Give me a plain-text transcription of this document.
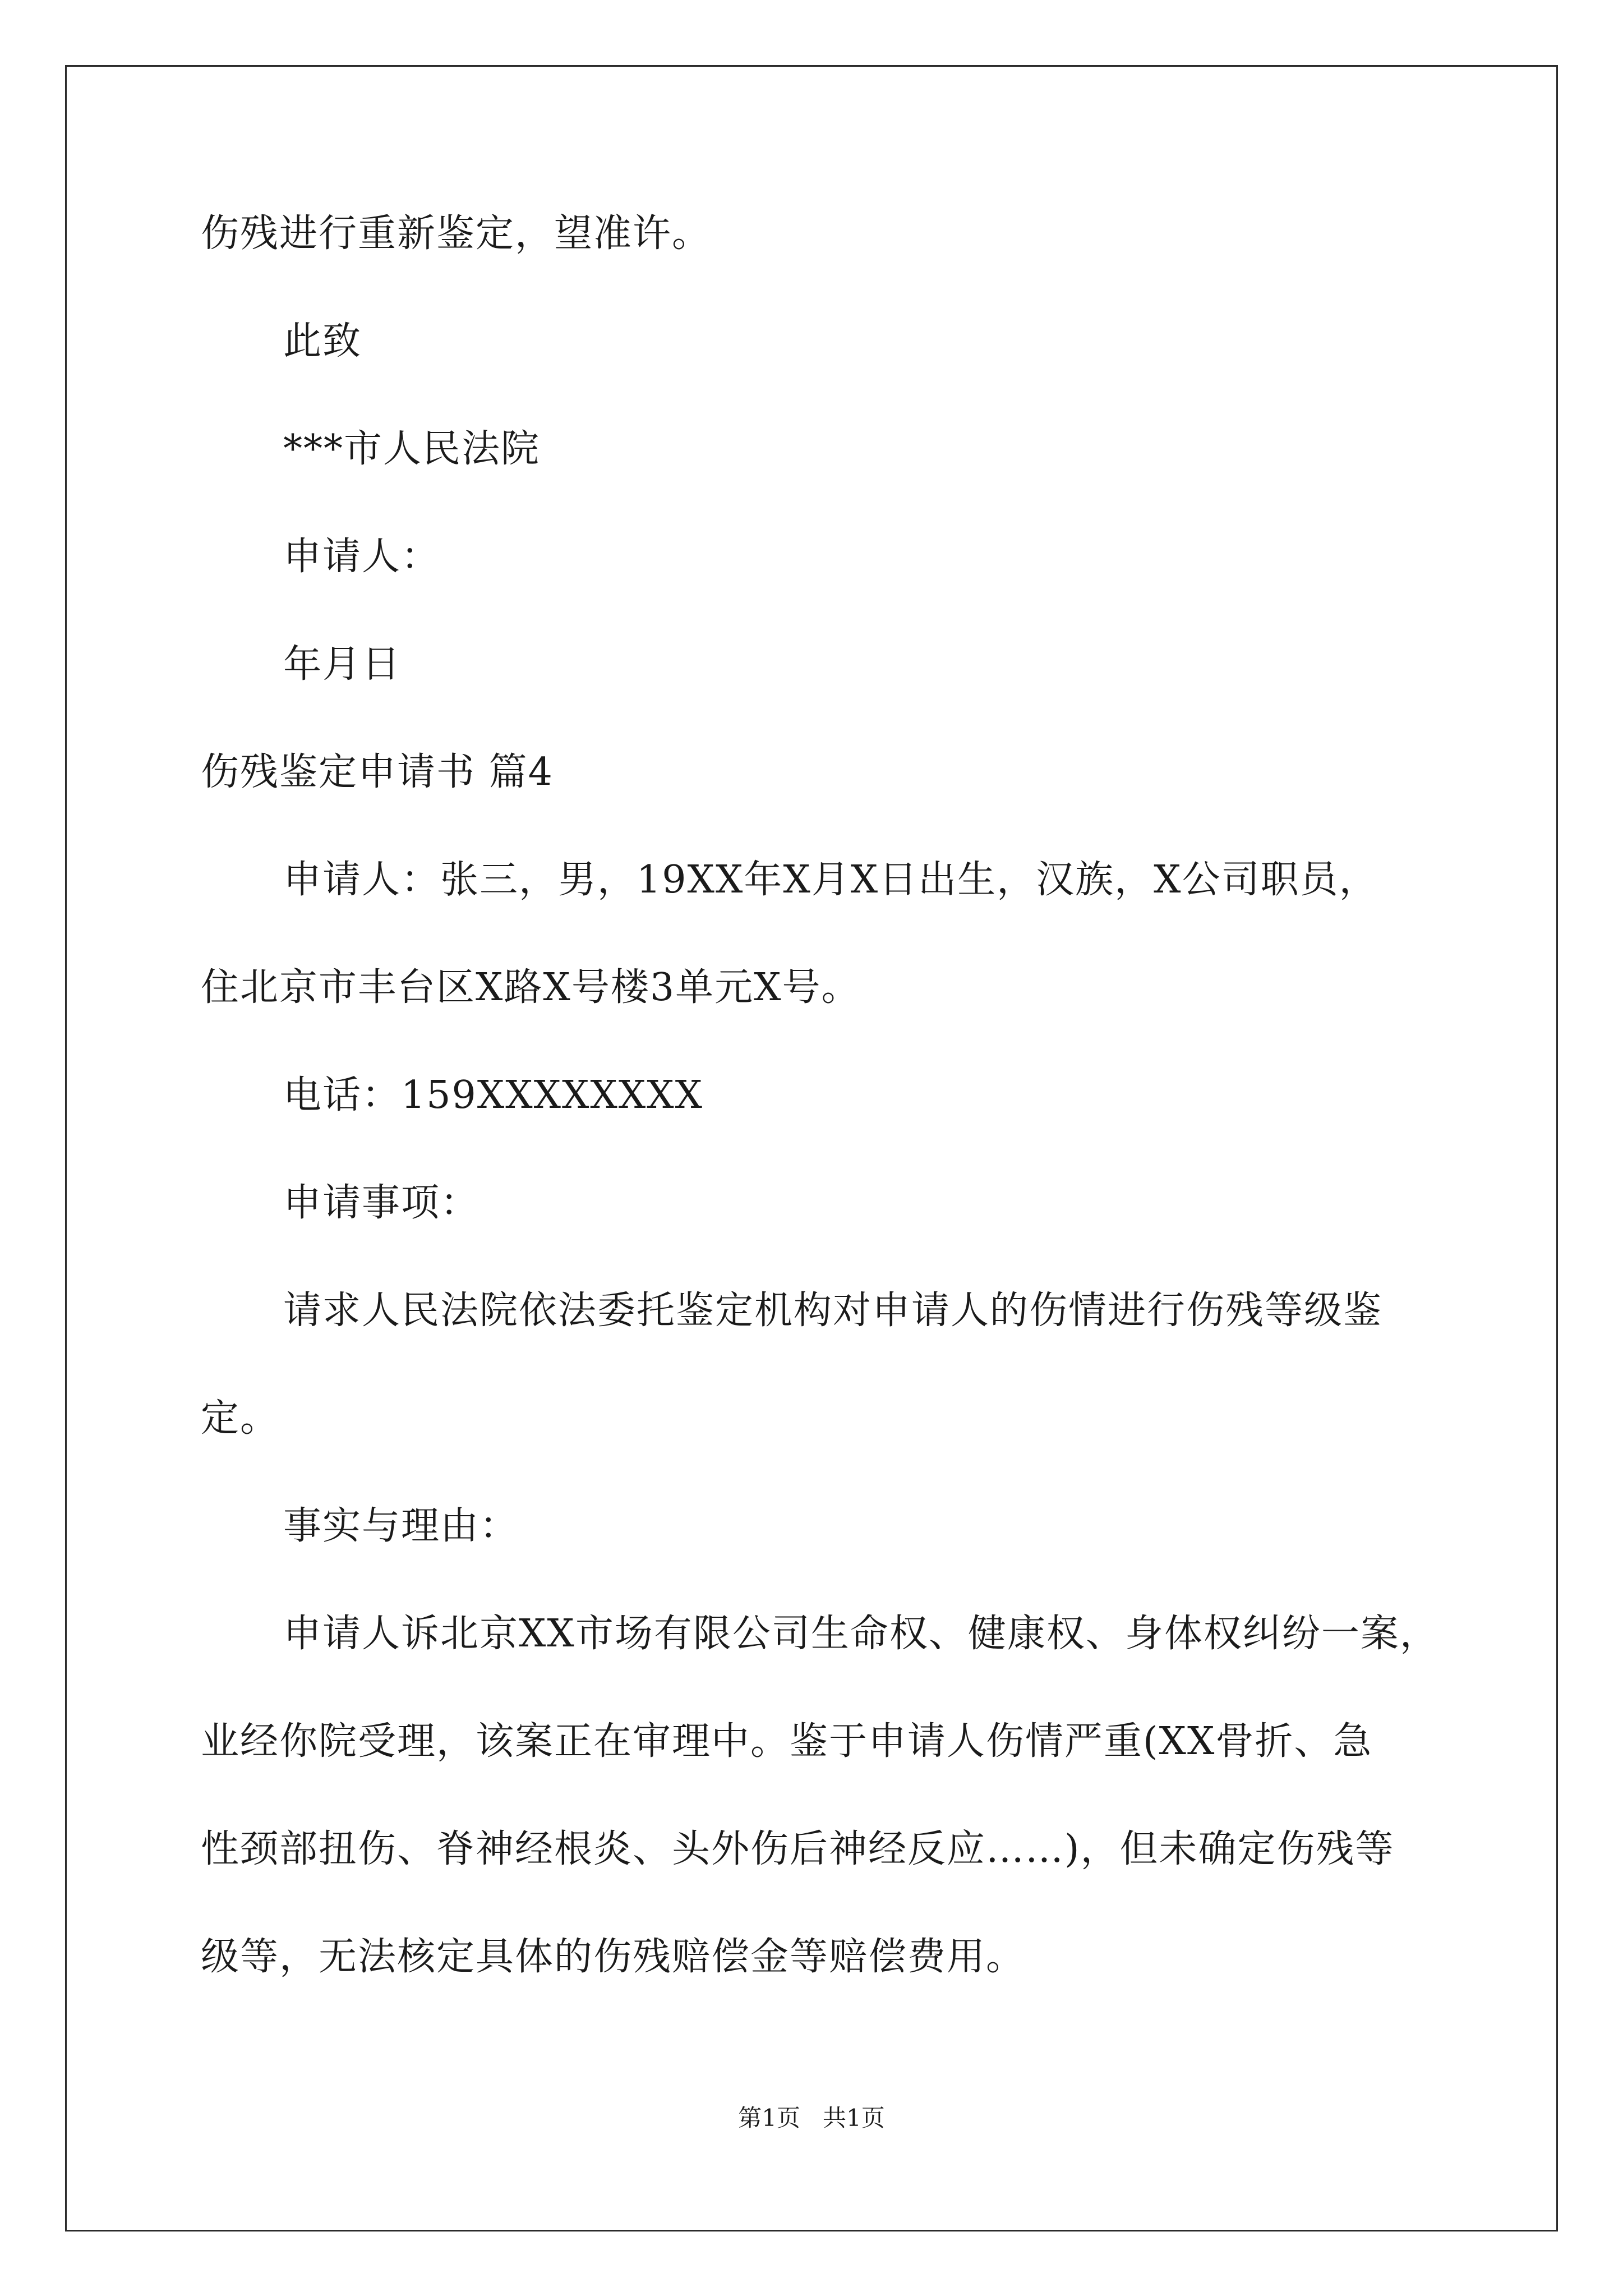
伤残进行重新鉴定，望准许。
此致
***市人民法院
申请人：
年月日
伤残鉴定申请书 篇4
申请人：张三，男，19XX年X月X日出生，汉族，X公司职员，
住北京市丰台区X路X号楼3单元X号。
电话：159XXXXXXXX
申请事项：
请求人民法院依法委托鉴定机构对申请人的伤情进行伤残等级鉴
定。
事实与理由：
申请人诉北京XX市场有限公司生命权、健康权、身体权纠纷一案，
业经你院受理，该案正在审理中。鉴于申请人伤情严重(XX骨折、急
性颈部扭伤、脊神经根炎、头外伤后神经反应……)，但未确定伤残等
级等，无法核定具体的伤残赔偿金等赔偿费用。
第1页   共1页
